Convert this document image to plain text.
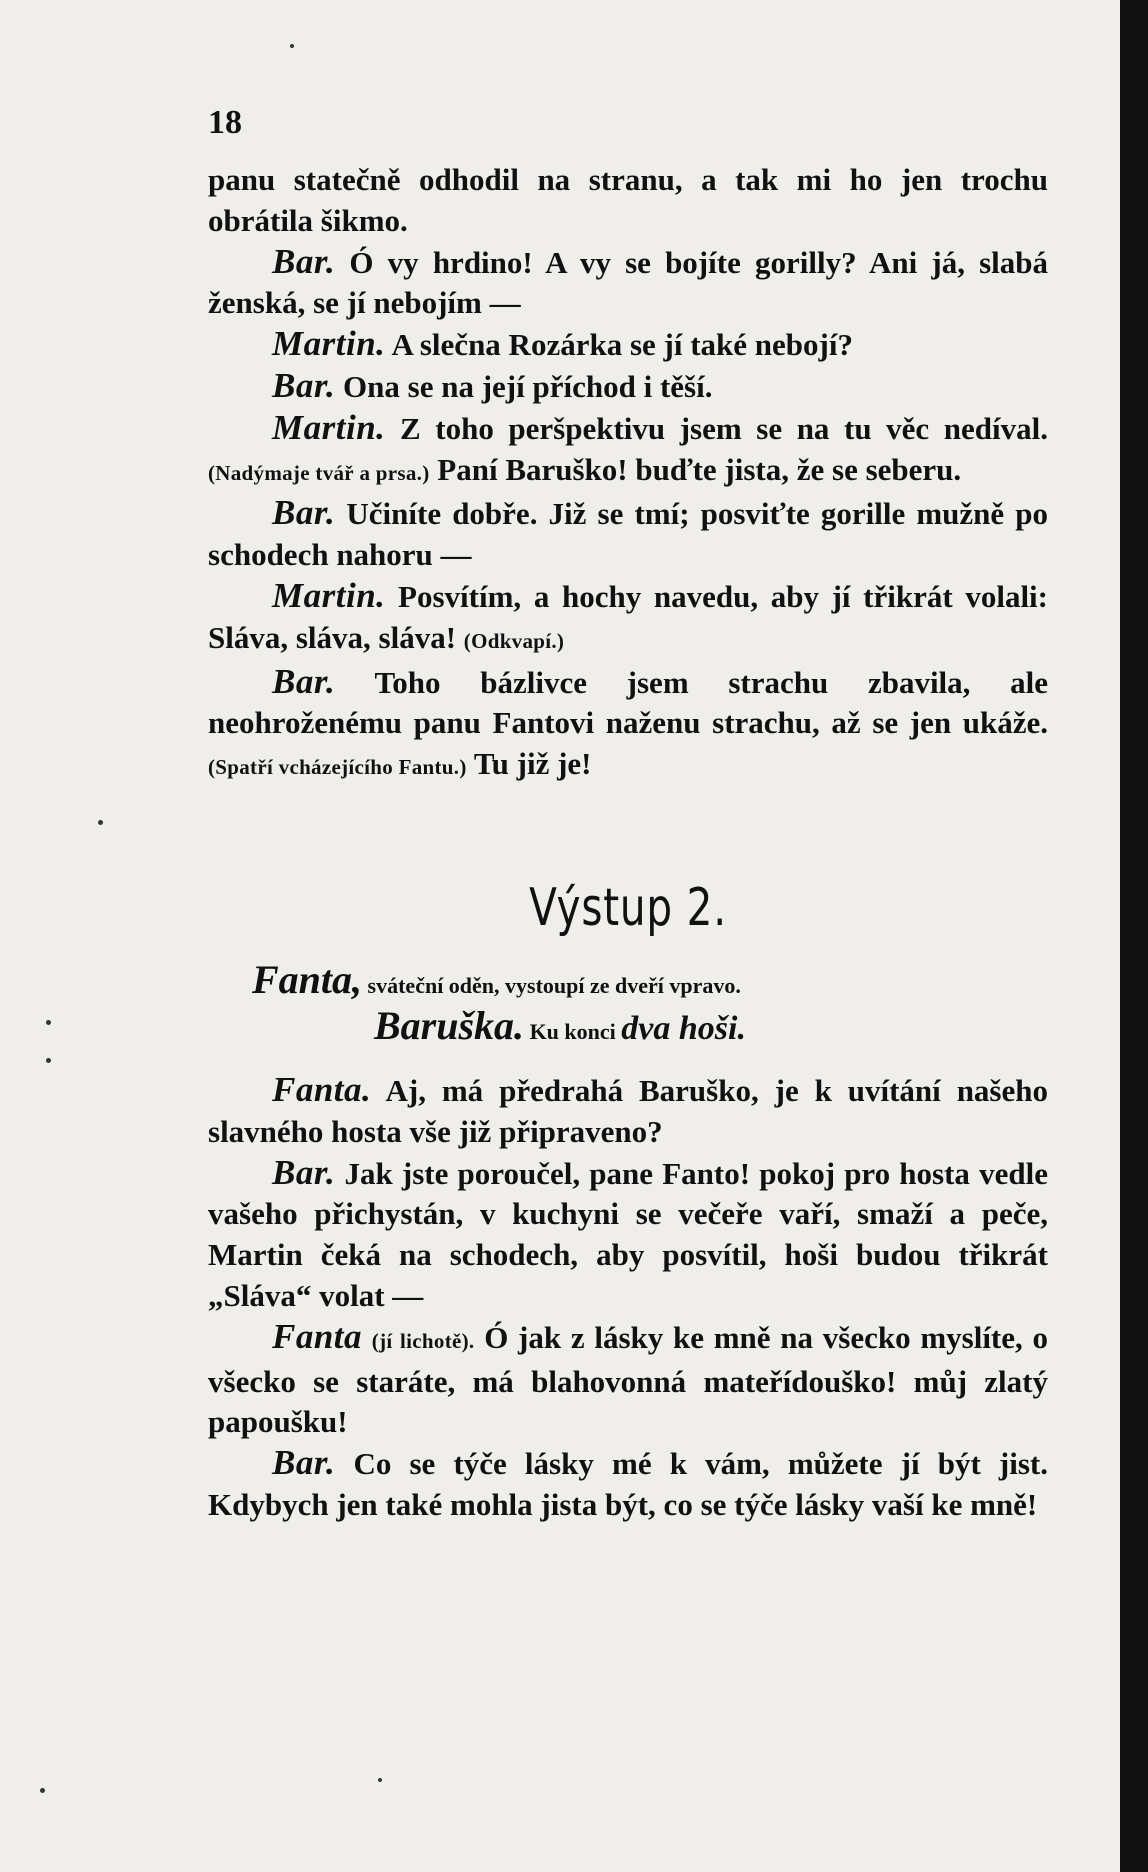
18

panu statečně odhodil na stranu, a tak mi ho jen trochu obrátila šikmo.

Bar. Ó vy hrdino! A vy se bojíte gorilly? Ani já, slabá ženská, se jí nebojím —

Martin. A slečna Rozárka se jí také nebojí?

Bar. Ona se na její příchod i těší.

Martin. Z toho peršpektivu jsem se na tu věc nedíval. (Nadýmaje tvář a prsa.) Paní Baruško! buďte jista, že se seberu.

Bar. Učiníte dobře. Již se tmí; posviťte gorille mužně po schodech nahoru —

Martin. Posvítím, a hochy navedu, aby jí třikrát volali: Sláva, sláva, sláva! (Odkvapí.)

Bar. Toho bázlivce jsem strachu zbavila, ale neohroženému panu Fantovi naženu strachu, až se jen ukáže. (Spatří vcházejícího Fantu.) Tu již je!

Výstup 2.

Fanta, sváteční oděn, vystoupí ze dveří vpravo.

Baruška. Ku konci dva hoši.

Fanta. Aj, má předrahá Baruško, je k uvítání našeho slavného hosta vše již připraveno?

Bar. Jak jste poroučel, pane Fanto! pokoj pro hosta vedle vašeho přichystán, v kuchyni se večeře vaří, smaží a peče, Martin čeká na schodech, aby posvítil, hoši budou třikrát „Sláva“ volat —

Fanta (jí lichotě). Ó jak z lásky ke mně na všecko myslíte, o všecko se staráte, má blahovonná mateřídouško! můj zlatý papoušku!

Bar. Co se týče lásky mé k vám, můžete jí být jist. Kdybych jen také mohla jista být, co se týče lásky vaší ke mně!
